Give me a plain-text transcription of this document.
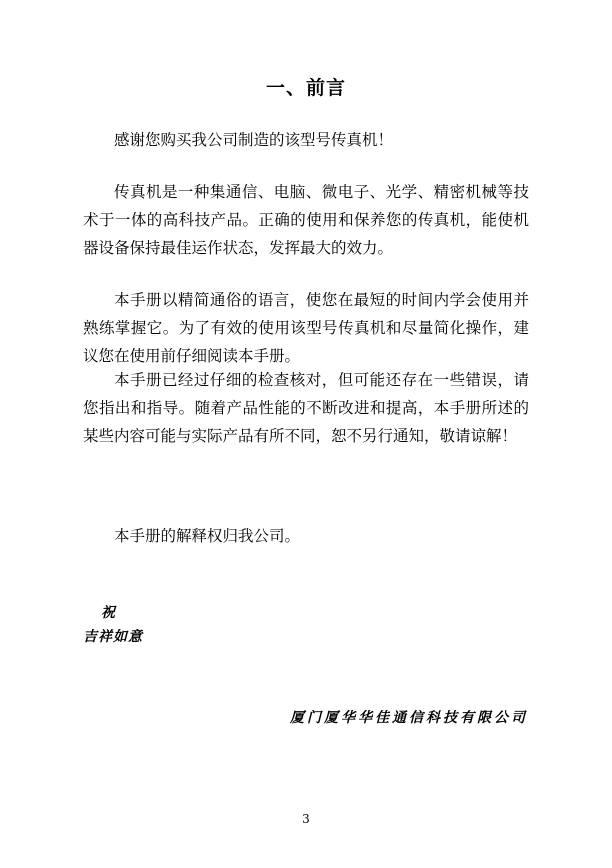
一、前言

感谢您购买我公司制造的该型号传真机！

传真机是一种集通信、电脑、微电子、光学、精密机械等技术于一体的高科技产品。正确的使用和保养您的传真机，能使机器设备保持最佳运作状态，发挥最大的效力。

本手册以精简通俗的语言，使您在最短的时间内学会使用并熟练掌握它。为了有效的使用该型号传真机和尽量简化操作，建议您在使用前仔细阅读本手册。

本手册已经过仔细的检查核对，但可能还存在一些错误，请您指出和指导。随着产品性能的不断改进和提高，本手册所述的某些内容可能与实际产品有所不同，恕不另行通知，敬请谅解！

本手册的解释权归我公司。

祝
吉祥如意
厦门厦华华佳通信科技有限公司
3
